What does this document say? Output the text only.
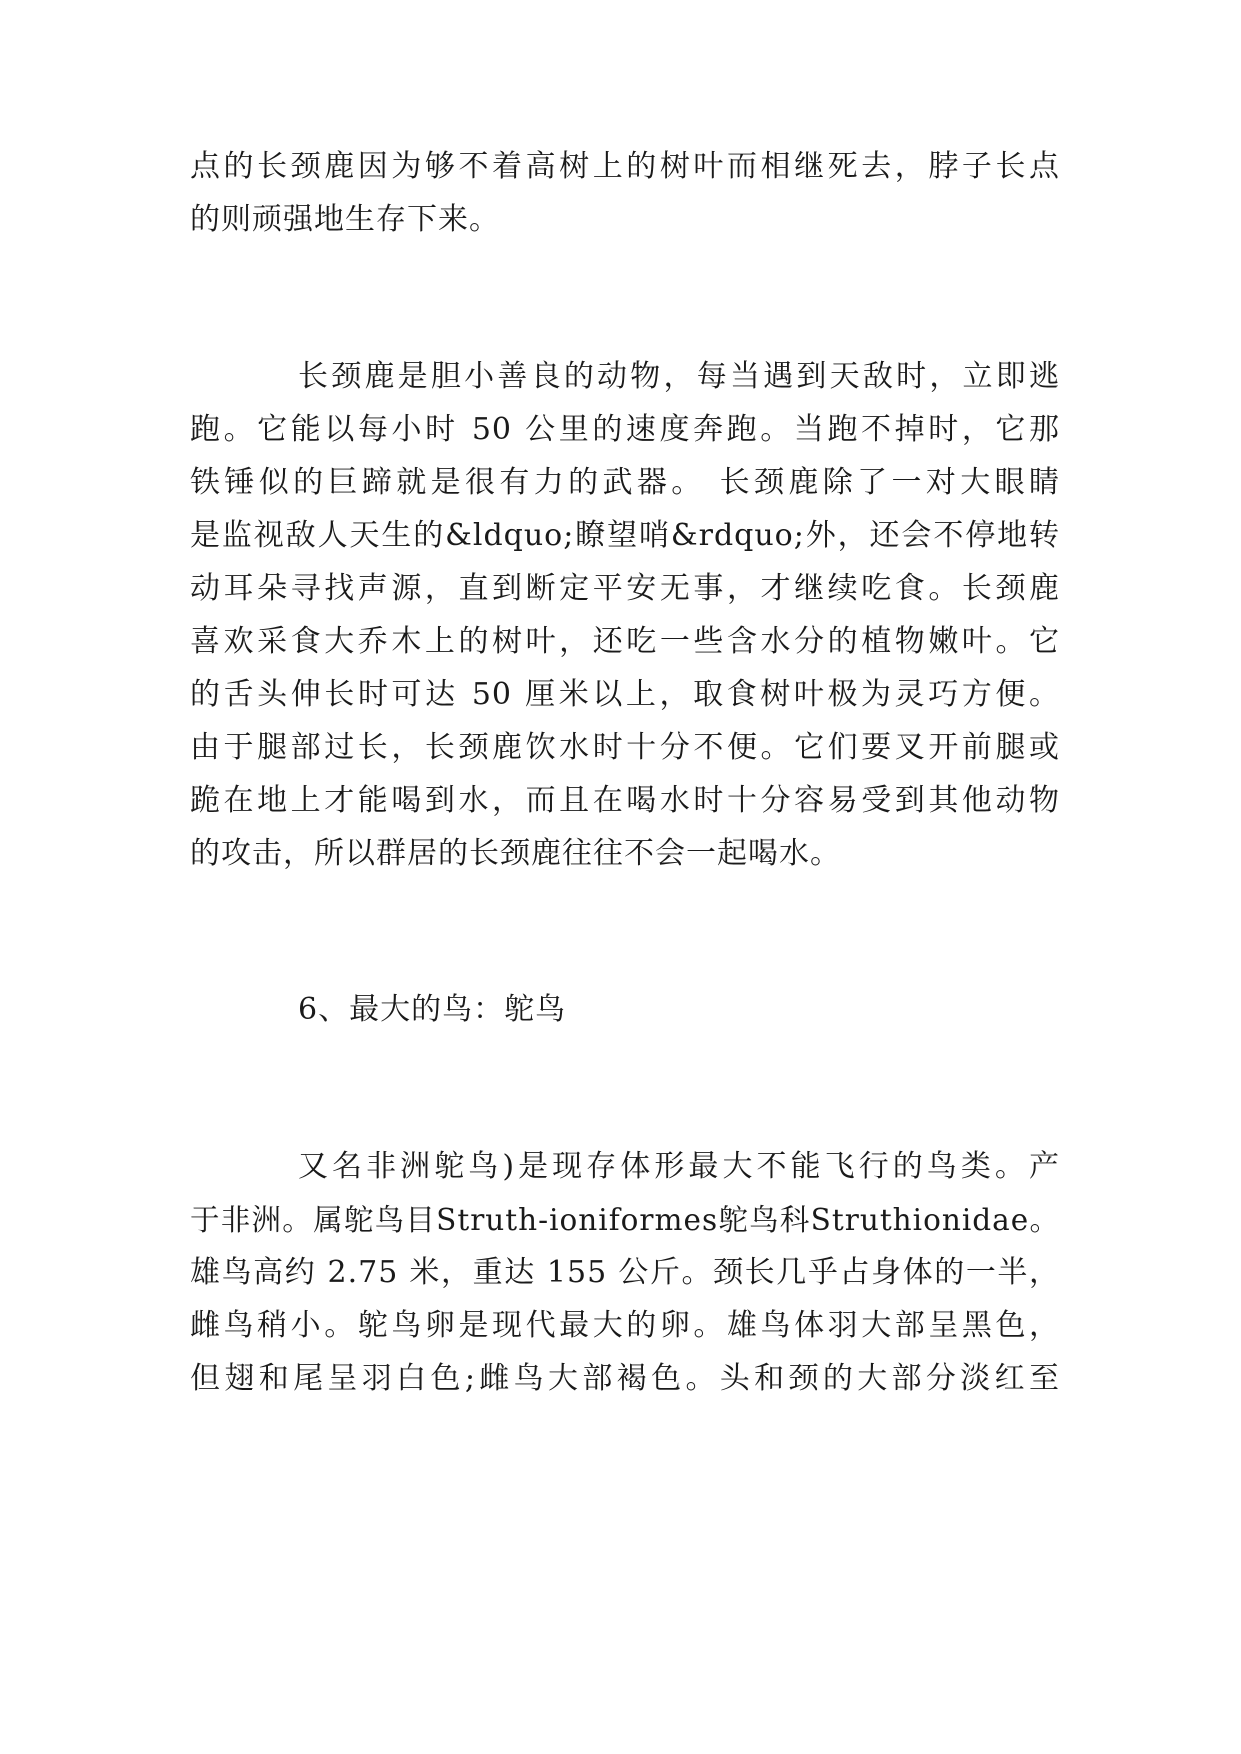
点的长颈鹿因为够不着高树上的树叶而相继死去，脖子长点
的则顽强地生存下来。
长颈鹿是胆小善良的动物，每当遇到天敌时，立即逃
跑。它能以每小时 50 公里的速度奔跑。当跑不掉时，它那
铁锤似的巨蹄就是很有力的武器。 长颈鹿除了一对大眼睛
是监视敌人天生的&ldquo;瞭望哨&rdquo;外，还会不停地转
动耳朵寻找声源，直到断定平安无事，才继续吃食。长颈鹿
喜欢采食大乔木上的树叶，还吃一些含水分的植物嫩叶。它
的舌头伸长时可达 50 厘米以上，取食树叶极为灵巧方便。
由于腿部过长，长颈鹿饮水时十分不便。它们要叉开前腿或
跪在地上才能喝到水，而且在喝水时十分容易受到其他动物
的攻击，所以群居的长颈鹿往往不会一起喝水。
6、最大的鸟：鸵鸟
又名非洲鸵鸟)是现存体形最大不能飞行的鸟类。产
于非洲。属鸵鸟目Struth-ioniformes鸵鸟科Struthionidae。
雄鸟高约 2.75 米，重达 155 公斤。颈长几乎占身体的一半，
雌鸟稍小。鸵鸟卵是现代最大的卵。雄鸟体羽大部呈黑色，
但翅和尾呈羽白色;雌鸟大部褐色。头和颈的大部分淡红至
